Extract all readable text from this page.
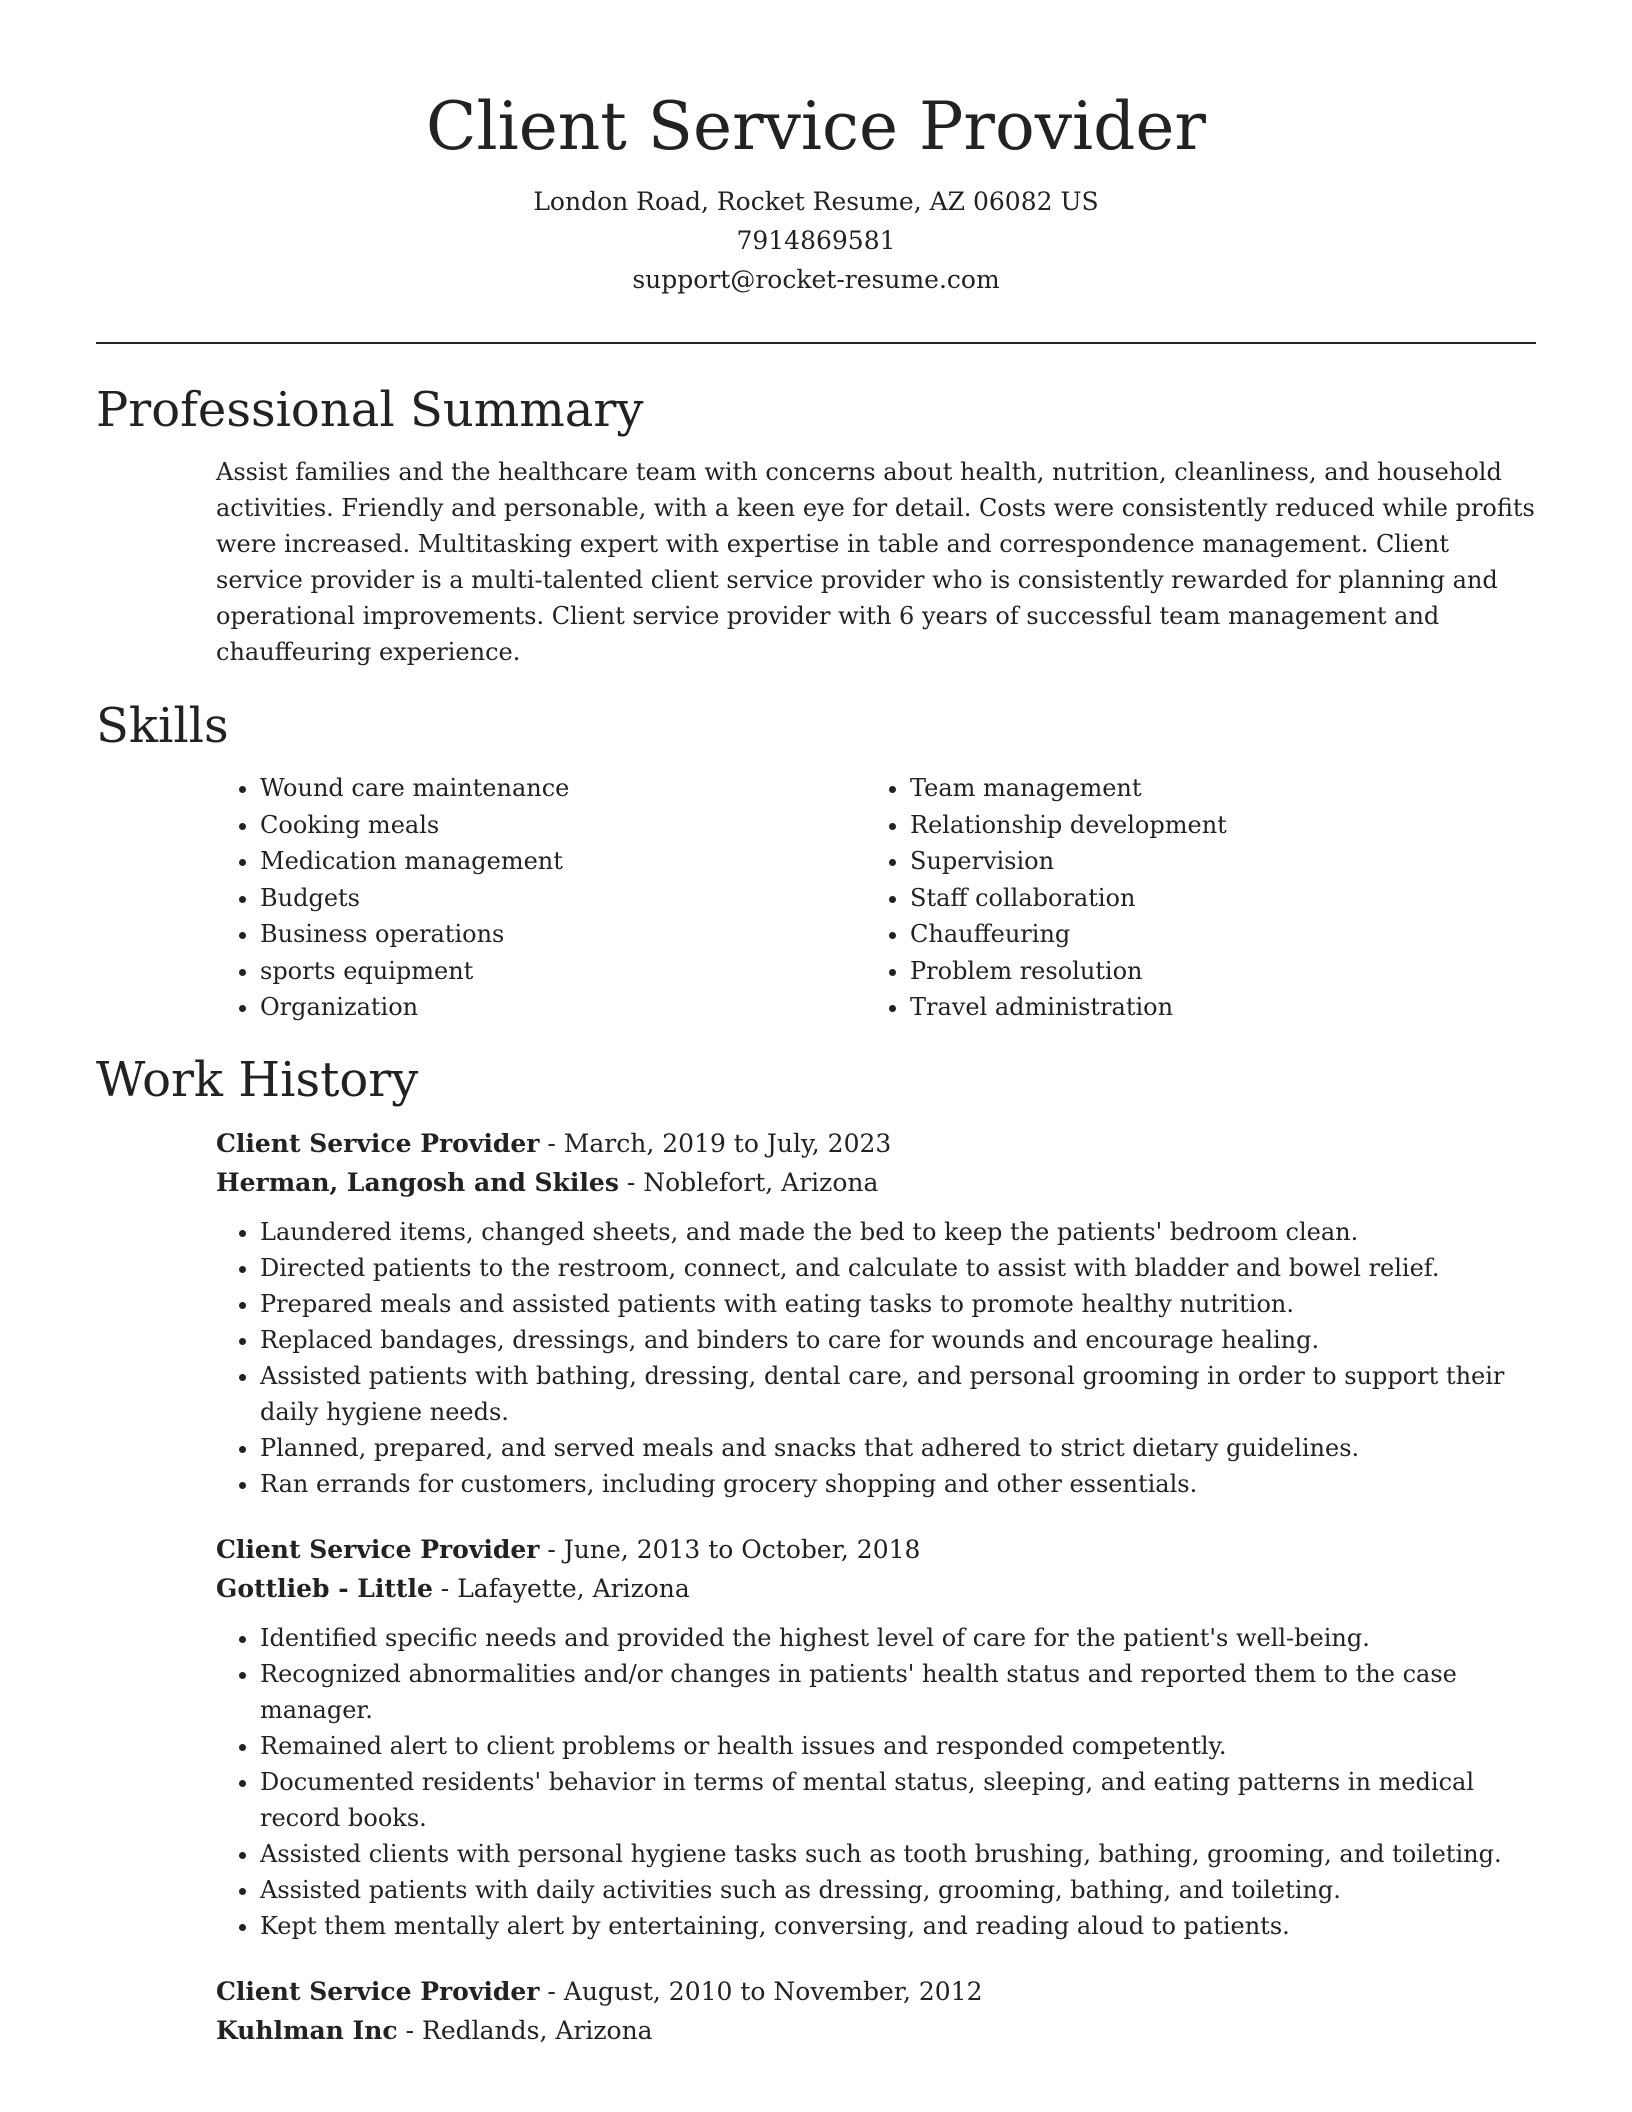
Client Service Provider
London Road, Rocket Resume, AZ 06082 US
7914869581
support@rocket-resume.com
Professional Summary

Assist families and the healthcare team with concerns about health, nutrition, cleanliness, and household activities. Friendly and personable, with a keen eye for detail. Costs were consistently reduced while profits were increased. Multitasking expert with expertise in table and correspondence management. Client service provider is a multi-talented client service provider who is consistently rewarded for planning and operational improvements. Client service provider with 6 years of successful team management and chauffeuring experience.

Skills
• Wound care maintenance
• Cooking meals
• Medication management
• Budgets
• Business operations
• sports equipment
• Organization
• Team management
• Relationship development
• Supervision
• Staff collaboration
• Chauffeuring
• Problem resolution
• Travel administration
Work History
Client Service Provider - March, 2019 to July, 2023
Herman, Langosh and Skiles - Noblefort, Arizona
• Laundered items, changed sheets, and made the bed to keep the patients' bedroom clean.
• Directed patients to the restroom, connect, and calculate to assist with bladder and bowel relief.
• Prepared meals and assisted patients with eating tasks to promote healthy nutrition.
• Replaced bandages, dressings, and binders to care for wounds and encourage healing.
• Assisted patients with bathing, dressing, dental care, and personal grooming in order to support their daily hygiene needs.
• Planned, prepared, and served meals and snacks that adhered to strict dietary guidelines.
• Ran errands for customers, including grocery shopping and other essentials.
Client Service Provider - June, 2013 to October, 2018
Gottlieb - Little - Lafayette, Arizona
• Identified specific needs and provided the highest level of care for the patient's well-being.
• Recognized abnormalities and/or changes in patients' health status and reported them to the case manager.
• Remained alert to client problems or health issues and responded competently.
• Documented residents' behavior in terms of mental status, sleeping, and eating patterns in medical record books.
• Assisted clients with personal hygiene tasks such as tooth brushing, bathing, grooming, and toileting.
• Assisted patients with daily activities such as dressing, grooming, bathing, and toileting.
• Kept them mentally alert by entertaining, conversing, and reading aloud to patients.
Client Service Provider - August, 2010 to November, 2012
Kuhlman Inc - Redlands, Arizona
